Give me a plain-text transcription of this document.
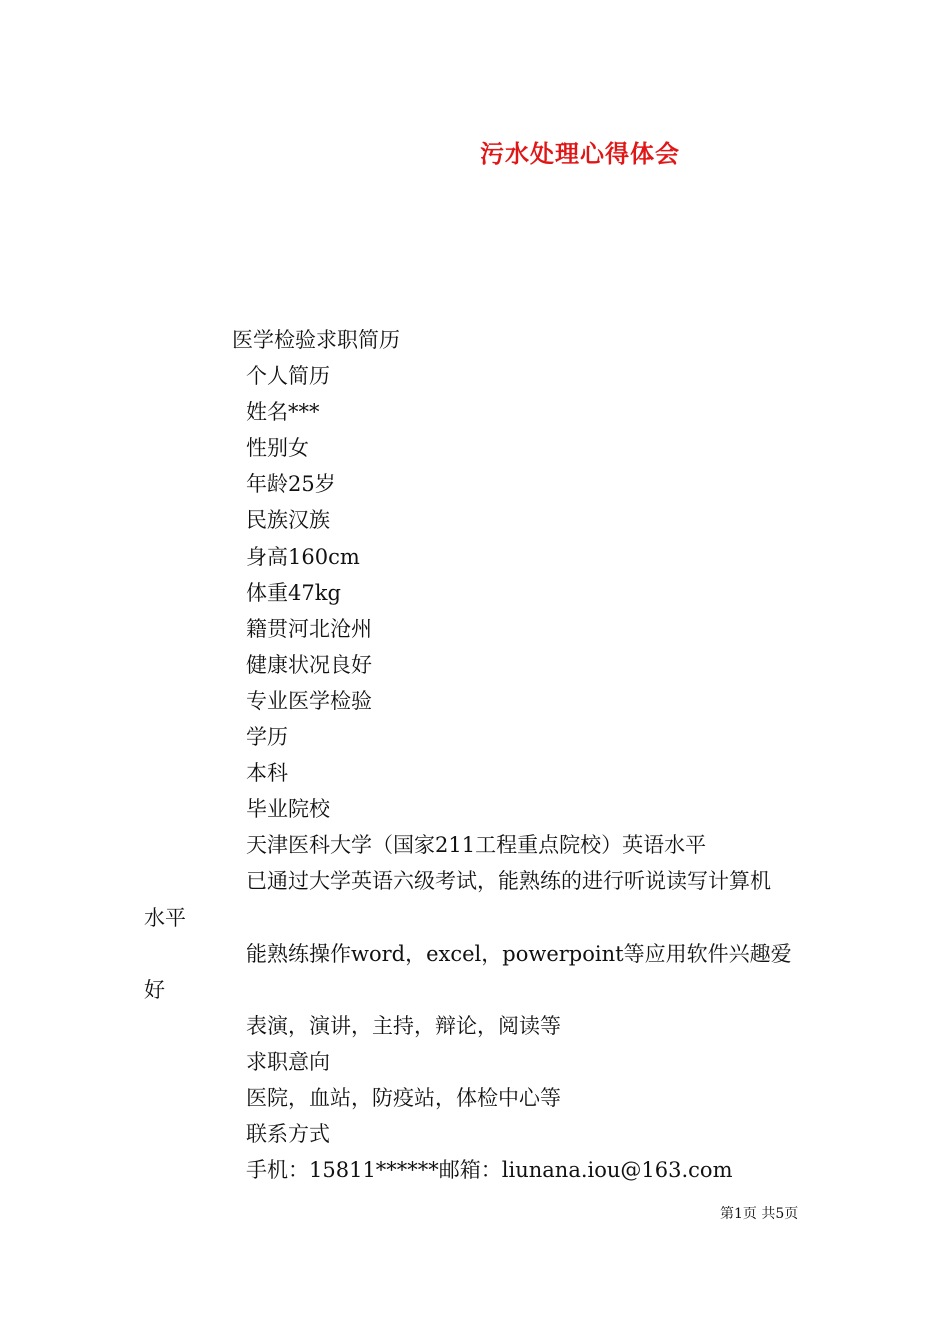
污水处理心得体会
医学检验求职简历
个人简历
姓名***
性别女
年龄25岁
民族汉族
身高160cm
体重47kg
籍贯河北沧州
健康状况良好
专业医学检验
学历
本科
毕业院校
天津医科大学（国家211工程重点院校）英语水平
已通过大学英语六级考试，能熟练的进行听说读写计算机
水平
能熟练操作word，excel，powerpoint等应用软件兴趣爱
好
表演，演讲，主持，辩论，阅读等
求职意向
医院，血站，防疫站，体检中心等
联系方式
手机：15811******邮箱：liunana.iou@163.com
第1页 共5页
